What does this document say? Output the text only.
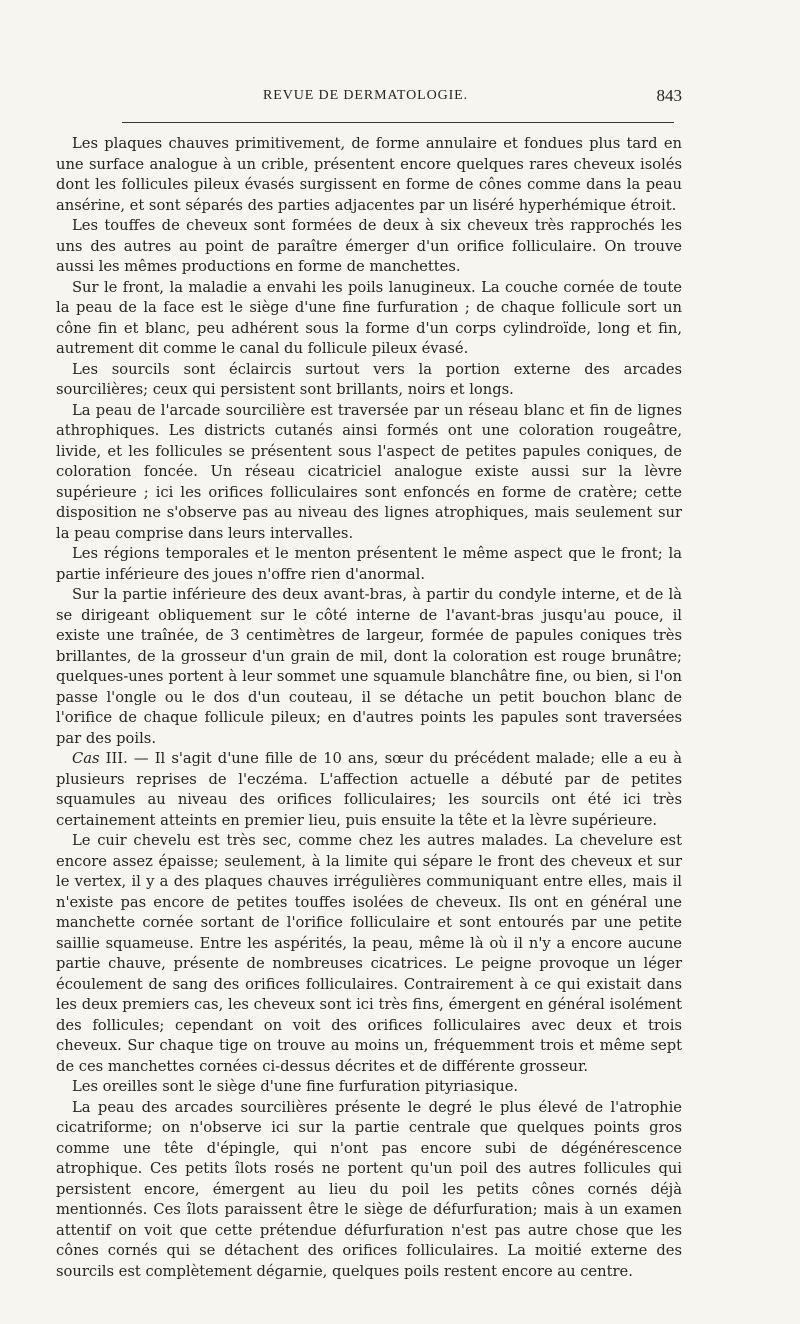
REVUE DE DERMATOLOGIE.	843

Les plaques chauves primitivement, de forme annulaire et fondues plus tard en une surface analogue à un crible, présentent encore quelques rares cheveux isolés dont les follicules pileux évasés surgissent en forme de cônes comme dans la peau ansérine, et sont séparés des parties adjacentes par un liséré hyperhémique étroit.

Les touffes de cheveux sont formées de deux à six cheveux très rapprochés les uns des autres au point de paraître émerger d'un orifice folliculaire. On trouve aussi les mêmes productions en forme de manchettes.

Sur le front, la maladie a envahi les poils lanugineux. La couche cornée de toute la peau de la face est le siège d'une fine furfuration ; de chaque follicule sort un cône fin et blanc, peu adhérent sous la forme d'un corps cylindroïde, long et fin, autrement dit comme le canal du follicule pileux évasé.

Les sourcils sont éclaircis surtout vers la portion externe des arcades sourcilières; ceux qui persistent sont brillants, noirs et longs.

La peau de l'arcade sourcilière est traversée par un réseau blanc et fin de lignes athrophiques. Les districts cutanés ainsi formés ont une coloration rougeâtre, livide, et les follicules se présentent sous l'aspect de petites papules coniques, de coloration foncée. Un réseau cicatriciel analogue existe aussi sur la lèvre supérieure ; ici les orifices folliculaires sont enfoncés en forme de cratère; cette disposition ne s'observe pas au niveau des lignes atrophiques, mais seulement sur la peau comprise dans leurs intervalles.

Les régions temporales et le menton présentent le même aspect que le front; la partie inférieure des joues n'offre rien d'anormal.

Sur la partie inférieure des deux avant-bras, à partir du condyle interne, et de là se dirigeant obliquement sur le côté interne de l'avant-bras jusqu'au pouce, il existe une traînée, de 3 centimètres de largeur, formée de papules coniques très brillantes, de la grosseur d'un grain de mil, dont la coloration est rouge brunâtre; quelques-unes portent à leur sommet une squamule blanchâtre fine, ou bien, si l'on passe l'ongle ou le dos d'un couteau, il se détache un petit bouchon blanc de l'orifice de chaque follicule pileux; en d'autres points les papules sont traversées par des poils.

Cas III. — Il s'agit d'une fille de 10 ans, sœur du précédent malade; elle a eu à plusieurs reprises de l'eczéma. L'affection actuelle a débuté par de petites squamules au niveau des orifices folliculaires; les sourcils ont été ici très certainement atteints en premier lieu, puis ensuite la tête et la lèvre supérieure.

Le cuir chevelu est très sec, comme chez les autres malades. La chevelure est encore assez épaisse; seulement, à la limite qui sépare le front des cheveux et sur le vertex, il y a des plaques chauves irrégulières communiquant entre elles, mais il n'existe pas encore de petites touffes isolées de cheveux. Ils ont en général une manchette cornée sortant de l'orifice folliculaire et sont entourés par une petite saillie squameuse. Entre les aspérités, la peau, même là où il n'y a encore aucune partie chauve, présente de nombreuses cicatrices. Le peigne provoque un léger écoulement de sang des orifices folliculaires. Contrairement à ce qui existait dans les deux premiers cas, les cheveux sont ici très fins, émergent en général isolément des follicules; cependant on voit des orifices folliculaires avec deux et trois cheveux. Sur chaque tige on trouve au moins un, fréquemment trois et même sept de ces manchettes cornées ci-dessus décrites et de différente grosseur.

Les oreilles sont le siège d'une fine furfuration pityriasique.

La peau des arcades sourcilières présente le degré le plus élevé de l'atrophie cicatriforme; on n'observe ici sur la partie centrale que quelques points gros comme une tête d'épingle, qui n'ont pas encore subi de dégénérescence atrophique. Ces petits îlots rosés ne portent qu'un poil des autres follicules qui persistent encore, émergent au lieu du poil les petits cônes cornés déjà mentionnés. Ces îlots paraissent être le siège de défurfuration; mais à un examen attentif on voit que cette prétendue défurfuration n'est pas autre chose que les cônes cornés qui se détachent des orifices folliculaires. La moitié externe des sourcils est complètement dégarnie, quelques poils restent encore au centre.
